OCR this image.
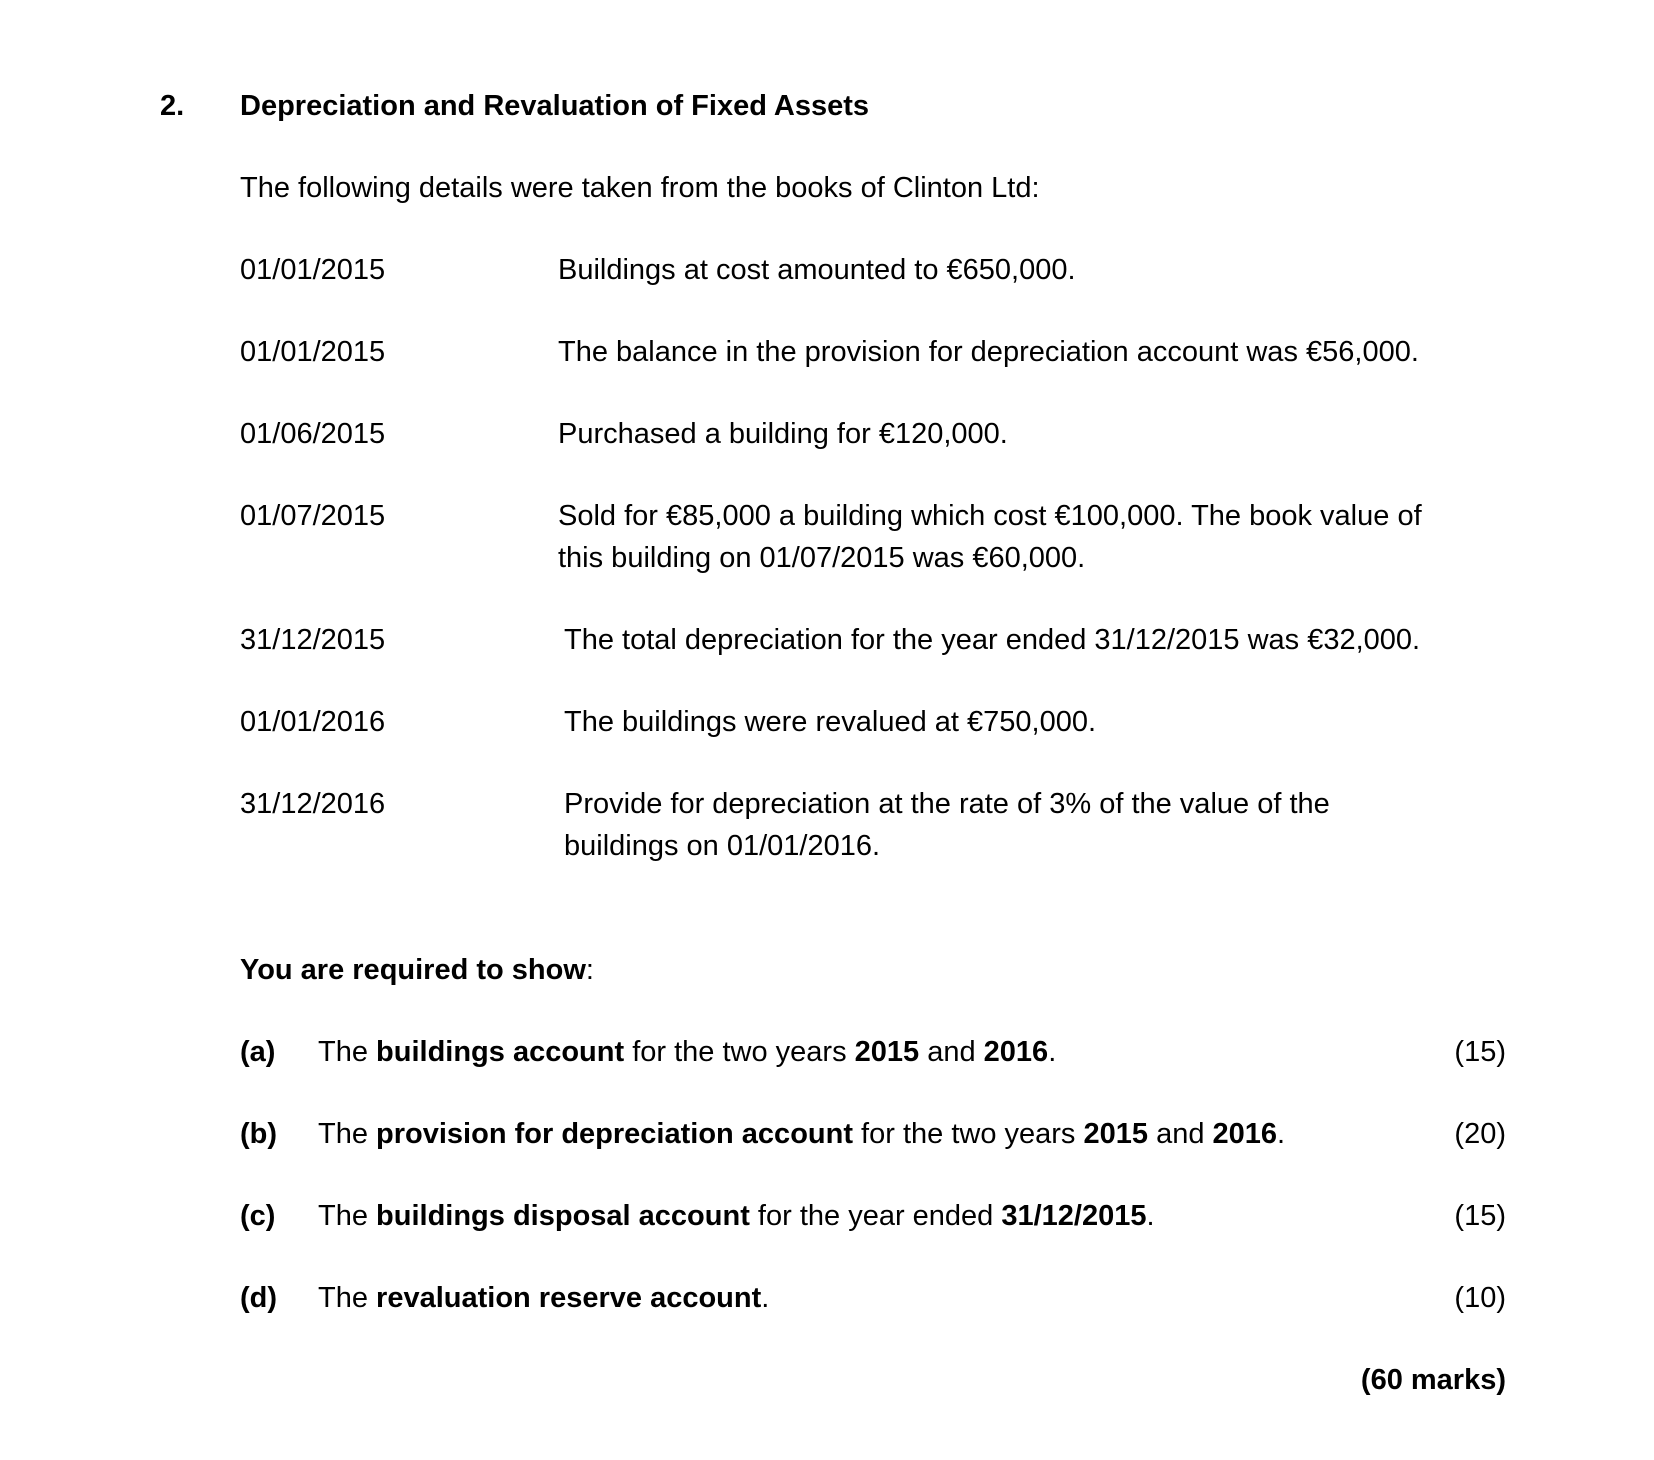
2. Depreciation and Revaluation of Fixed Assets
The following details were taken from the books of Clinton Ltd:
01/01/2015	Buildings at cost amounted to €650,000.
01/01/2015	The balance in the provision for depreciation account was €56,000.
01/06/2015	Purchased a building for €120,000.
01/07/2015	Sold for €85,000 a building which cost €100,000. The book value of
this building on 01/07/2015 was €60,000.
31/12/2015	The total depreciation for the year ended 31/12/2015 was €32,000.
01/01/2016	The buildings were revalued at €750,000.
31/12/2016	Provide for depreciation at the rate of 3% of the value of the
buildings on 01/01/2016.
You are required to show:
(a) The buildings account for the two years 2015 and 2016.	(15)
(b) The provision for depreciation account for the two years 2015 and 2016.	(20)
(c) The buildings disposal account for the year ended 31/12/2015.	(15)
(d) The revaluation reserve account.	(10)
(60 marks)
